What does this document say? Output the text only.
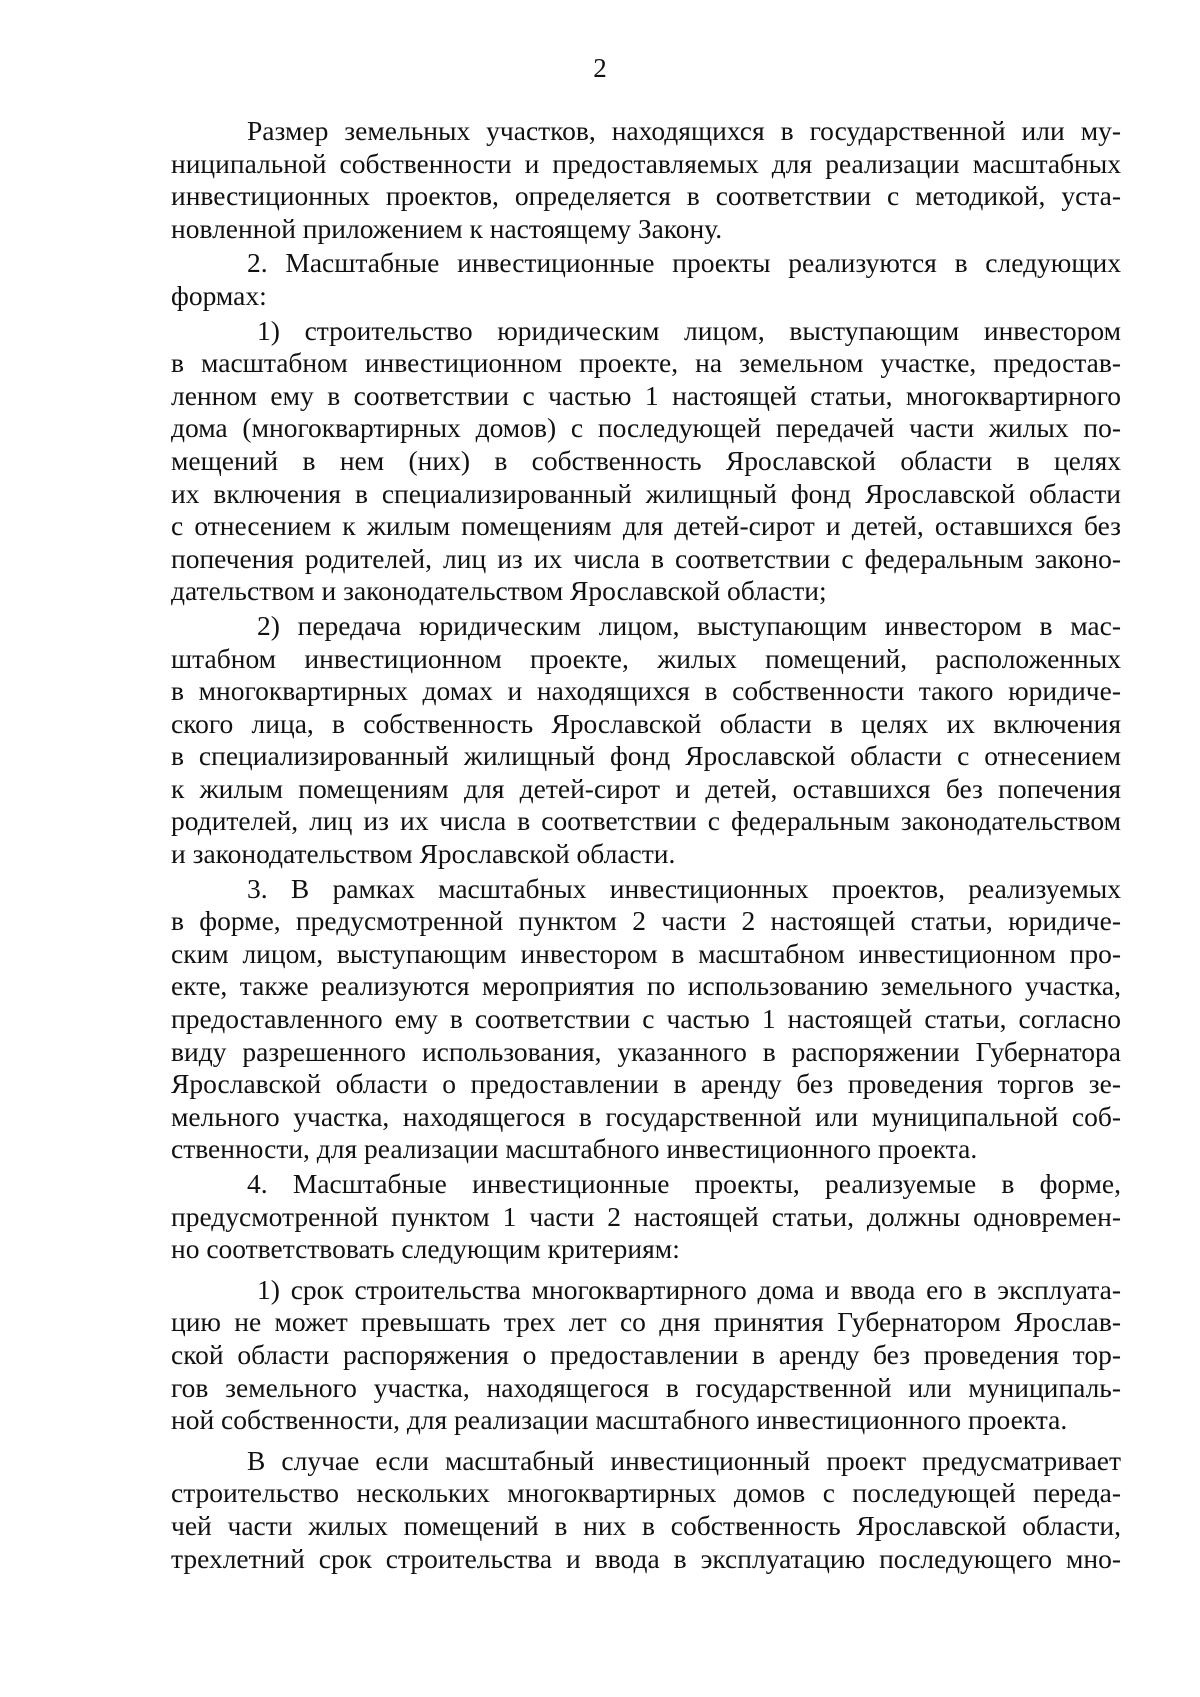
2
Размер земельных участков, находящихся в государственной или му-
ниципальной собственности и предоставляемых для реализации масштабных
инвестиционных проектов, определяется в соответствии с методикой, уста-
новленной приложением к настоящему Закону.
2. Масштабные инвестиционные проекты реализуются в следующих
формах:
1) строительство юридическим лицом, выступающим инвестором
в масштабном инвестиционном проекте, на земельном участке, предостав-
ленном ему в соответствии с частью 1 настоящей статьи, многоквартирного
дома (многоквартирных домов) с последующей передачей части жилых по-
мещений в нем (них) в собственность Ярославской области в целях
их включения в специализированный жилищный фонд Ярославской области
с отнесением к жилым помещениям для детей-сирот и детей, оставшихся без
попечения родителей, лиц из их числа в соответствии с федеральным законо-
дательством и законодательством Ярославской области;
2) передача юридическим лицом, выступающим инвестором в мас-
штабном инвестиционном проекте, жилых помещений, расположенных
в многоквартирных домах и находящихся в собственности такого юридиче-
ского лица, в собственность Ярославской области в целях их включения
в специализированный жилищный фонд Ярославской области с отнесением
к жилым помещениям для детей-сирот и детей, оставшихся без попечения
родителей, лиц из их числа в соответствии с федеральным законодательством
и законодательством Ярославской области.
3. В рамках масштабных инвестиционных проектов, реализуемых
в форме, предусмотренной пунктом 2 части 2 настоящей статьи, юридиче-
ским лицом, выступающим инвестором в масштабном инвестиционном про-
екте, также реализуются мероприятия по использованию земельного участка,
предоставленного ему в соответствии с частью 1 настоящей статьи, согласно
виду разрешенного использования, указанного в распоряжении Губернатора
Ярославской области о предоставлении в аренду без проведения торгов зе-
мельного участка, находящегося в государственной или муниципальной соб-
ственности, для реализации масштабного инвестиционного проекта.
4. Масштабные инвестиционные проекты, реализуемые в форме,
предусмотренной пунктом 1 части 2 настоящей статьи, должны одновремен-
но соответствовать следующим критериям:
1) срок строительства многоквартирного дома и ввода его в эксплуата-
цию не может превышать трех лет со дня принятия Губернатором Ярослав-
ской области распоряжения о предоставлении в аренду без проведения тор-
гов земельного участка, находящегося в государственной или муниципаль-
ной собственности, для реализации масштабного инвестиционного проекта.
В случае если масштабный инвестиционный проект предусматривает
строительство нескольких многоквартирных домов с последующей переда-
чей части жилых помещений в них в собственность Ярославской области,
трехлетний срок строительства и ввода в эксплуатацию последующего мно-
